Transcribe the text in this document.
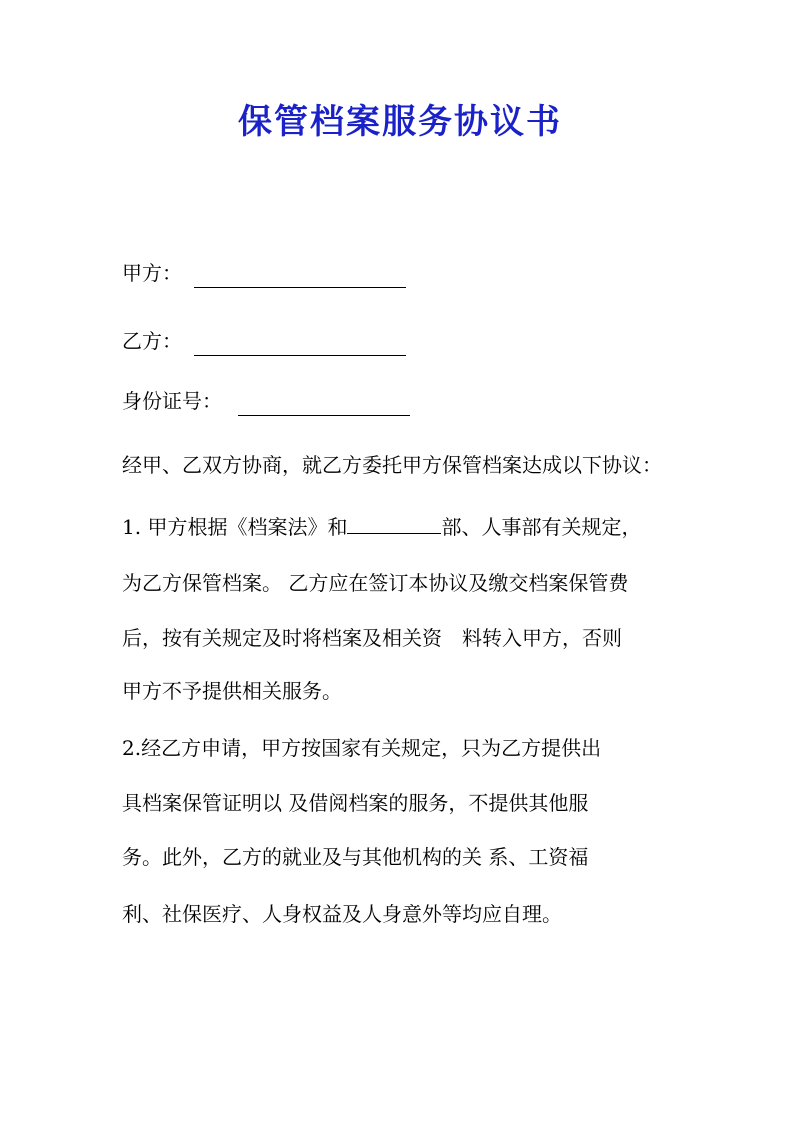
保管档案服务协议书
甲方：
乙方：
身份证号：

经甲、乙双方协商，就乙方委托甲方保管档案达成以下协议：

1. 甲方根据《档案法》和	部、人事部有关规定，

为乙方保管档案。 乙方应在签订本协议及缴交档案保管费

后，按有关规定及时将档案及相关资　料转入甲方，否则

甲方不予提供相关服务。

2.经乙方申请，甲方按国家有关规定，只为乙方提供出

具档案保管证明以 及借阅档案的服务，不提供其他服

务。此外，乙方的就业及与其他机构的关 系、工资福

利、社保医疗、人身权益及人身意外等均应自理。
